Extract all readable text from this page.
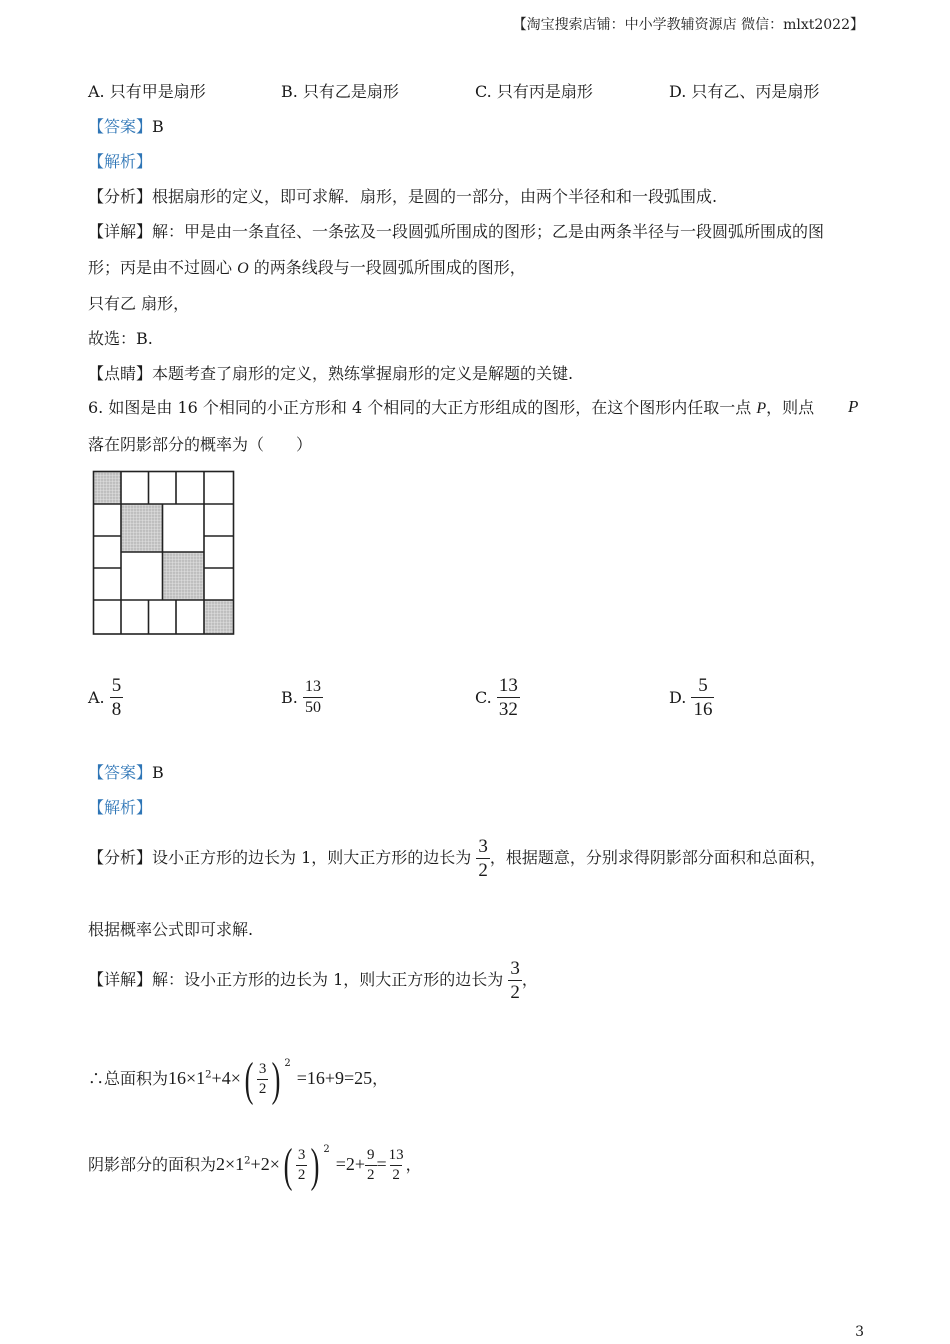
【淘宝搜索店铺：中小学教辅资源店 微信：mlxt2022】
A. 只有甲是扇形	B. 只有乙是扇形	C. 只有丙是扇形	D. 只有乙、丙是扇形
【答案】B
【解析】
【分析】根据扇形的定义，即可求解．扇形，是圆的一部分，由两个半径和和一段弧围成.
【详解】解：甲是由一条直径、一条弦及一段圆弧所围成的图形；乙是由两条半径与一段圆弧所围成的图
形；丙是由不过圆心 O 的两条线段与一段圆弧所围成的图形，
只有乙 扇形，
故选：B.
【点睛】本题考查了扇形的定义，熟练掌握扇形的定义是解题的关键.
6. 如图是由 16 个相同的小正方形和 4 个相同的大正方形组成的图形，在这个图形内任取一点 P，则点 P
落在阴影部分的概率为（　　）
A. $\frac{5}{8}$	B. $\frac{13}{50}$	C. $\frac{13}{32}$	D. $\frac{5}{16}$
【答案】B
【解析】
【分析】设小正方形的边长为 1，则大正方形的边长为 $\frac{3}{2}$ ，根据题意，分别求得阴影部分面积和总面积，
根据概率公式即可求解.
【详解】解：设小正方形的边长为 1，则大正方形的边长为 $\frac{3}{2}$ ，
∴总面积为$16\times 1^2+4\times( \frac{3}{2}$ ) $^2$=16+9=25，
阴影部分的面积为$2\times 1^2+2\times( \frac{3}{2}$ ) $^2=2+ \frac{9}{2} = \frac{13}{2}$ ，
3
